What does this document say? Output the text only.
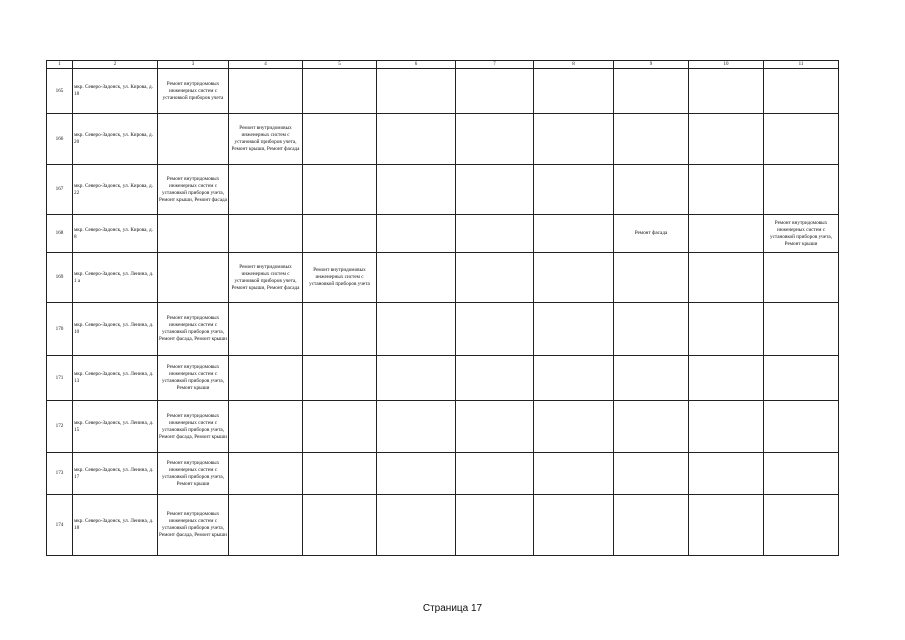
1	2	3	4	5	6	7	8	9	10	11
165	мкр. Северо-Задонск, ул. Кирова, д. 18	Ремонт внутридомовых инженерных систем с установкой приборов учета								
166	мкр. Северо-Задонск, ул. Кирова, д. 20		Ремонт внутридомовых инженерных систем с установкой приборов учета, Ремонт крыши, Ремонт фасада							
167	мкр. Северо-Задонск, ул. Кирова, д. 22	Ремонт внутридомовых инженерных систем с установкой приборов учета, Ремонт крыши, Ремонт фасада								
168	мкр. Северо-Задонск, ул. Кирова, д. 8							Ремонт фасада		Ремонт внутридомовых инженерных систем с установкой приборов учета, Ремонт крыши
169	мкр. Северо-Задонск, ул. Ленина, д. 1 а		Ремонт внутридомовых инженерных систем с установкой приборов учета, Ремонт крыши, Ремонт фасада	Ремонт внутридомовых инженерных систем с установкой приборов учета						
170	мкр. Северо-Задонск, ул. Ленина, д. 10	Ремонт внутридомовых инженерных систем с установкой приборов учета, Ремонт фасада, Ремонт крыши								
171	мкр. Северо-Задонск, ул. Ленина, д. 13	Ремонт внутридомовых инженерных систем с установкой приборов учета, Ремонт крыши								
172	мкр. Северо-Задонск, ул. Ленина, д. 15	Ремонт внутридомовых инженерных систем с установкой приборов учета, Ремонт фасада, Ремонт крыши								
173	мкр. Северо-Задонск, ул. Ленина, д. 17	Ремонт внутридомовых инженерных систем с установкой приборов учета, Ремонт крыши								
174	мкр. Северо-Задонск, ул. Ленина, д. 18	Ремонт внутридомовых инженерных систем с установкой приборов учета, Ремонт фасада, Ремонт крыши								
Страница 17
